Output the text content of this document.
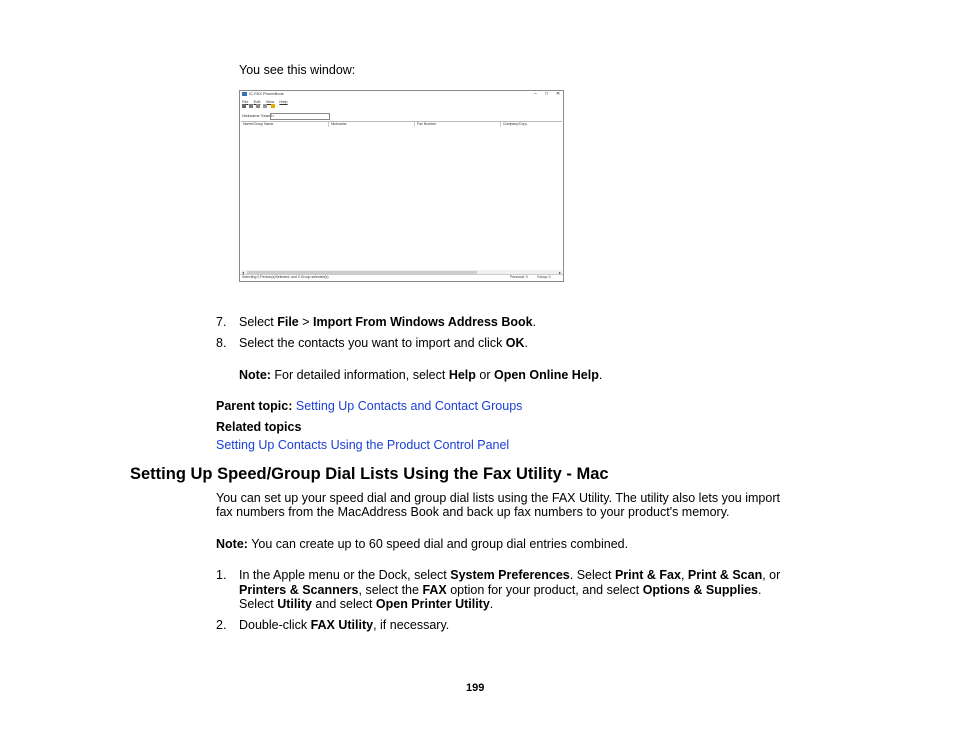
You see this window:
IC-FAX PhoneBook	– □ ✕
File Edit View Help

Nickname Search
Name/Group Name	Nickname	Fax Number	Company/Corp.
◂	▸
Selecting 0 Person(s)Selected, and 0 Group selected(s)	Personal: 0	Group: 0
7. Select File > Import From Windows Address Book.
8. Select the contacts you want to import and click OK.
Note: For detailed information, select Help or Open Online Help.
Parent topic: Setting Up Contacts and Contact Groups
Related topics
Setting Up Contacts Using the Product Control Panel
Setting Up Speed/Group Dial Lists Using the Fax Utility - Mac
You can set up your speed dial and group dial lists using the FAX Utility. The utility also lets you import
fax numbers from the MacAddress Book and back up fax numbers to your product's memory.
Note: You can create up to 60 speed dial and group dial entries combined.
1. In the Apple menu or the Dock, select System Preferences. Select Print & Fax, Print & Scan, or
Printers & Scanners, select the FAX option for your product, and select Options & Supplies.
Select Utility and select Open Printer Utility.
2. Double-click FAX Utility, if necessary.
199
